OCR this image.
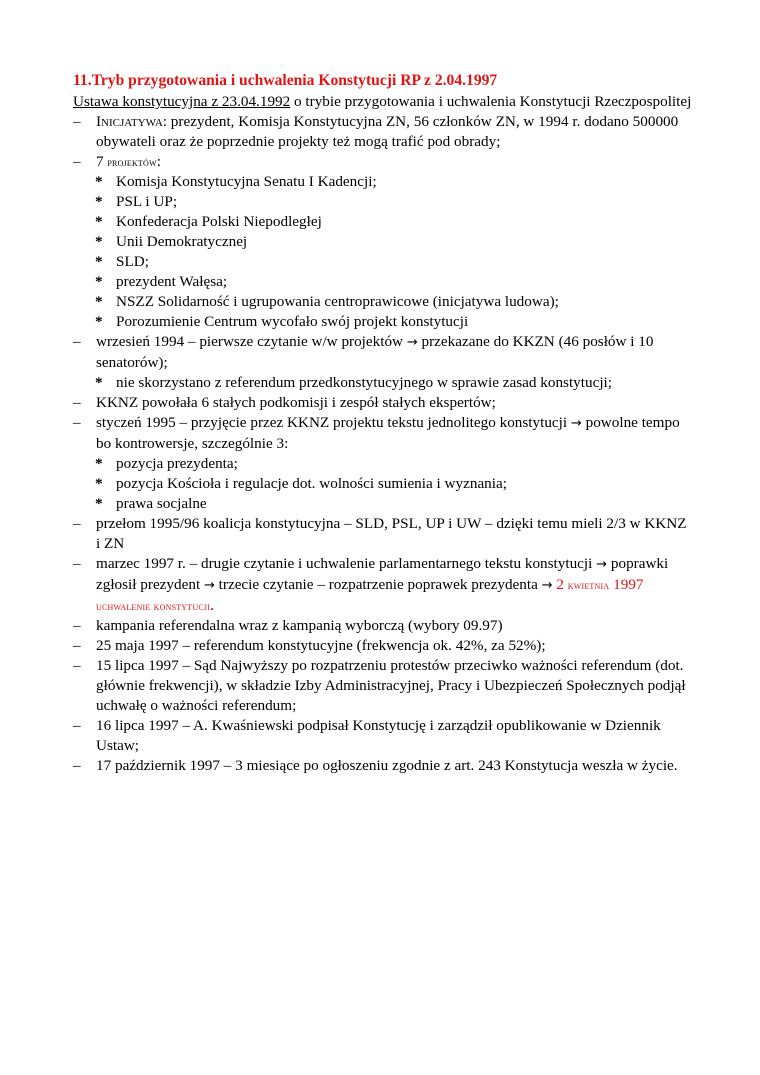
11.Tryb przygotowania i uchwalenia Konstytucji RP z 2.04.1997
Ustawa konstytucyjna z 23.04.1992 o trybie przygotowania i uchwalenia Konstytucji Rzeczpospolitej
– Inicjatywa: prezydent, Komisja Konstytucyjna ZN, 56 członków ZN, w 1994 r. dodano 500000 obywateli oraz że poprzednie projekty też mogą trafić pod obrady;
– 7 projektów:
* Komisja Konstytucyjna Senatu I Kadencji;
* PSL i UP;
* Konfederacja Polski Niepodległej
* Unii Demokratycznej
* SLD;
* prezydent Wałęsa;
* NSZZ Solidarność i ugrupowania centroprawicowe (inicjatywa ludowa);
* Porozumienie Centrum wycofało swój projekt konstytucji
– wrzesień 1994 – pierwsze czytanie w/w projektów → przekazane do KKZN (46 posłów i 10 senatorów);
* nie skorzystano z referendum przedkonstytucyjnego w sprawie zasad konstytucji;
– KKNZ powołała 6 stałych podkomisji i zespół stałych ekspertów;
– styczeń 1995 – przyjęcie przez KKNZ projektu tekstu jednolitego konstytucji → powolne tempo bo kontrowersje, szczególnie 3:
* pozycja prezydenta;
* pozycja Kościoła i regulacje dot. wolności sumienia i wyznania;
* prawa socjalne
– przełom 1995/96 koalicja konstytucyjna – SLD, PSL, UP i UW – dzięki temu mieli 2/3 w KKNZ i ZN
– marzec 1997 r. – drugie czytanie i uchwalenie parlamentarnego tekstu konstytucji → poprawki zgłosił prezydent → trzecie czytanie – rozpatrzenie poprawek prezydenta → 2 kwietnia 1997
uchwalenie konstytucji.
– kampania referendalna wraz z kampanią wyborczą (wybory 09.97)
– 25 maja 1997 – referendum konstytucyjne (frekwencja ok. 42%, za 52%);
– 15 lipca 1997 – Sąd Najwyższy po rozpatrzeniu protestów przeciwko ważności referendum (dot. głównie frekwencji), w składzie Izby Administracyjnej, Pracy i Ubezpieczeń Społecznych podjął uchwałę o ważności referendum;
– 16 lipca 1997 – A. Kwaśniewski podpisał Konstytucję i zarządził opublikowanie w Dziennik Ustaw;
– 17 październik 1997 – 3 miesiące po ogłoszeniu zgodnie z art. 243 Konstytucja weszła w życie.
